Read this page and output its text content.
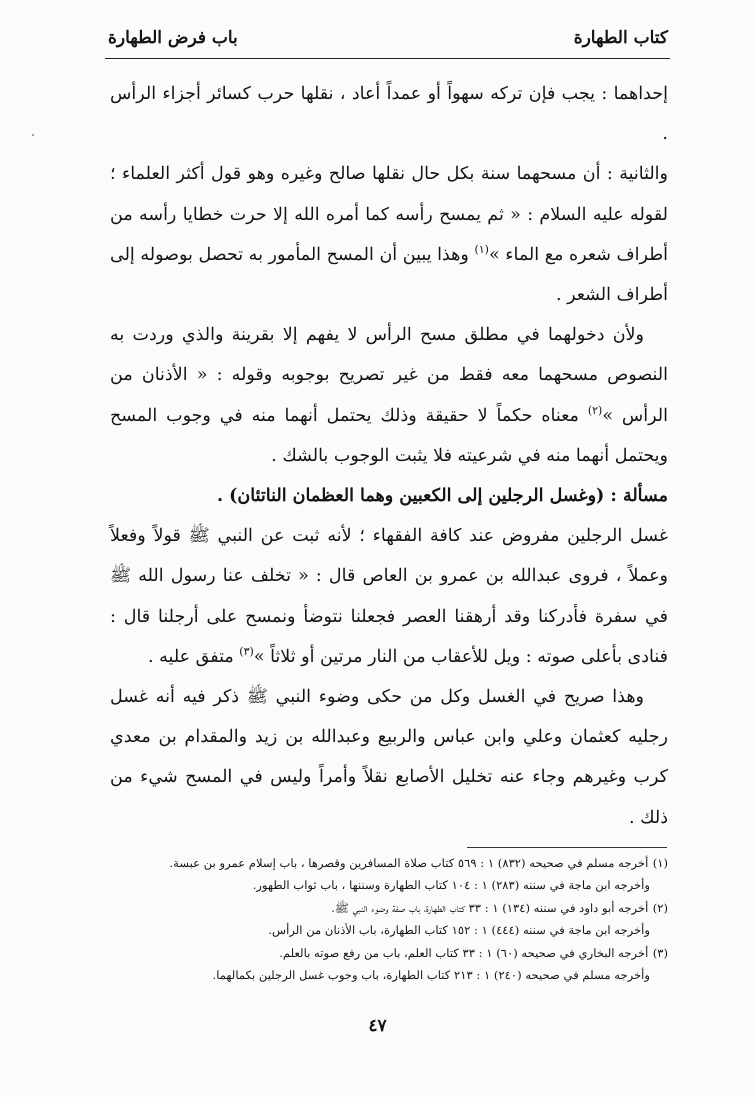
كتاب الطهارة
باب فرض الطهارة

إحداهما : يجب فإن تركه سهواً أو عمداً أعاد ، نقلها حرب كسائر أجزاء الرأس .

والثانية : أن مسحهما سنة بكل حال نقلها صالح وغيره وهو قول أكثر العلماء ؛ لقوله عليه السلام : « ثم يمسح رأسه كما أمره الله إلا حرت خطايا رأسه من أطراف شعره مع الماء »$^{(١)}$ وهذا يبين أن المسح المأمور به تحصل بوصوله إلى أطراف الشعر .

ولأن دخولهما في مطلق مسح الرأس لا يفهم إلا بقرينة والذي وردت به النصوص مسحهما معه فقط من غير تصريح بوجوبه وقوله : « الأذنان من الرأس »$^{(٢)}$ معناه حكماً لا حقيقة وذلك يحتمل أنهما منه في وجوب المسح ويحتمل أنهما منه في شرعيته فلا يثبت الوجوب بالشك .

مسألة : (وغسل الرجلين إلى الكعبين وهما العظمان الناتئان) .

غسل الرجلين مفروض عند كافة الفقهاء ؛ لأنه ثبت عن النبي ﷺ قولاً وفعلاً وعملاً ، فروى عبدالله بن عمرو بن العاص قال : « تخلف عنا رسول الله ﷺ في سفرة فأدركنا وقد أرهقنا العصر فجعلنا نتوضأ ونمسح على أرجلنا قال : فنادى بأعلى صوته : ويل للأعقاب من النار مرتين أو ثلاثاً »$^{(٣)}$ متفق عليه .

وهذا صريح في الغسل وكل من حكى وضوء النبي ﷺ ذكر فيه أنه غسل رجليه كعثمان وعلي وابن عباس والربيع وعبدالله بن زيد والمقدام بن معدي كرب وغيرهم وجاء عنه تخليل الأصابع نقلاً وأمراً وليس في المسح شيء من ذلك .

(١) أخرجه مسلم في صحيحه (٨٣٢) ١ : ٥٦٩ كتاب صلاة المسافرين وقصرها ، باب إسلام عمرو بن عبسة.

وأخرجه ابن ماجة في سننه (٢٨٣) ١ : ١٠٤ كتاب الطهارة وسننها ، باب ثواب الطهور.

(٢) أخرجه أبو داود في سننه (١٣٤) ١ : ٣٣ كتاب الطهارة، باب صفة وضوء النبي ﷺ.

وأخرجه ابن ماجة في سننه (٤٤٤) ١ : ١٥٢ كتاب الطهارة، باب الأذنان من الرأس.

(٣) أخرجه البخاري في صحيحه (٦٠) ١ : ٣٣ كتاب العلم، باب من رفع صوته بالعلم.

وأخرجه مسلم في صحيحه (٢٤٠) ١ : ٢١٣ كتاب الطهارة، باب وجوب غسل الرجلين بكمالهما.

٤٧
